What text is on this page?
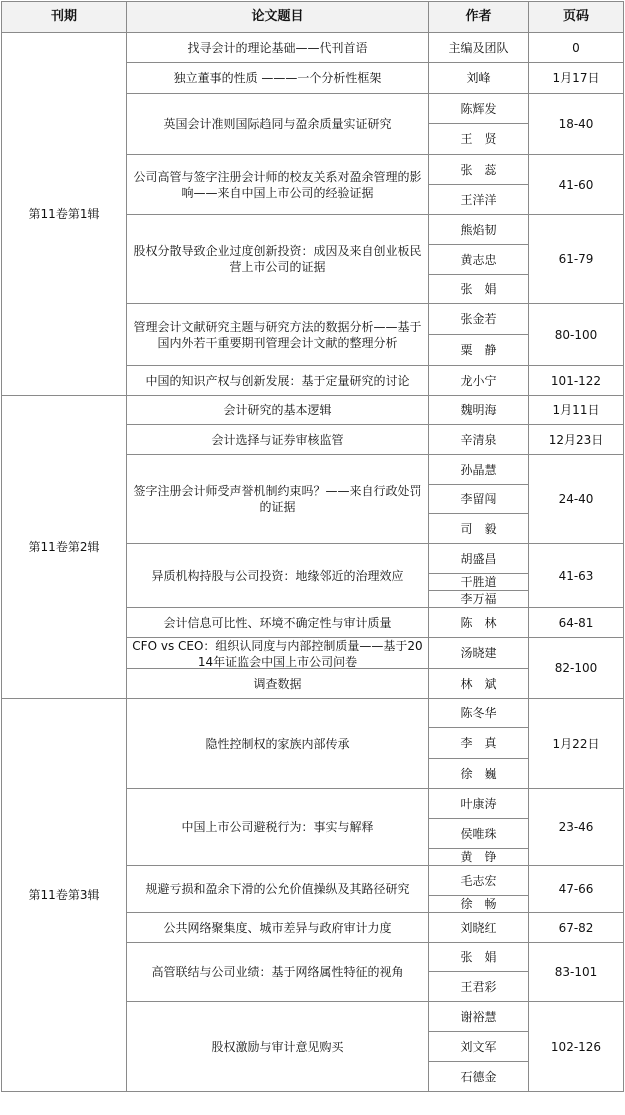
刊期	论文题目	作者	页码
第11卷第1辑	找寻会计的理论基础——代刊首语	主编及团队	0
	独立董事的性质 ———一个分析性框架	刘峰	1月17日
	英国会计准则国际趋同与盈余质量实证研究	陈辉发	18-40
		王　贤	
	公司高管与签字注册会计师的校友关系对盈余管理的影响——来自中国上市公司的经验证据	张　蕊	41-60
		王洋洋	
	股权分散导致企业过度创新投资：成因及来自创业板民营上市公司的证据	熊焰韧	61-79
		黄志忠	
		张　娟	
	管理会计文献研究主题与研究方法的数据分析——基于国内外若干重要期刊管理会计文献的整理分析	张金若	80-100
		粟　静	
	中国的知识产权与创新发展：基于定量研究的讨论	龙小宁	101-122
第11卷第2辑	会计研究的基本逻辑	魏明海	1月11日
	会计选择与证券审核监管	辛清泉	12月23日
	签字注册会计师受声誉机制约束吗？——来自行政处罚的证据	孙晶慧	24-40
		李留闯	
		司　毅	
	异质机构持股与公司投资：地缘邻近的治理效应	胡盛昌	41-63
		干胜道	
		李万福	
	会计信息可比性、环境不确定性与审计质量	陈　林	64-81

	CFO vs CEO：组织认同度与内部控制质量——基于2014年证监会中国上市公司问卷	汤晓建	82-100
	调查数据	林　斌	
第11卷第3辑	隐性控制权的家族内部传承	陈冬华	1月22日
		李　真	
		徐　巍	
	中国上市公司避税行为：事实与解释	叶康涛	23-46
		侯唯珠	
		黄　铮	
	规避亏损和盈余下滑的公允价值操纵及其路径研究	毛志宏	47-66
		徐　畅	
	公共网络聚集度、城市差异与政府审计力度	刘晓红	67-82
	高管联结与公司业绩：基于网络属性特征的视角	张　娟	83-101
		王君彩	
	股权激励与审计意见购买	谢裕慧	102-126
		刘文军	
		石德金	
